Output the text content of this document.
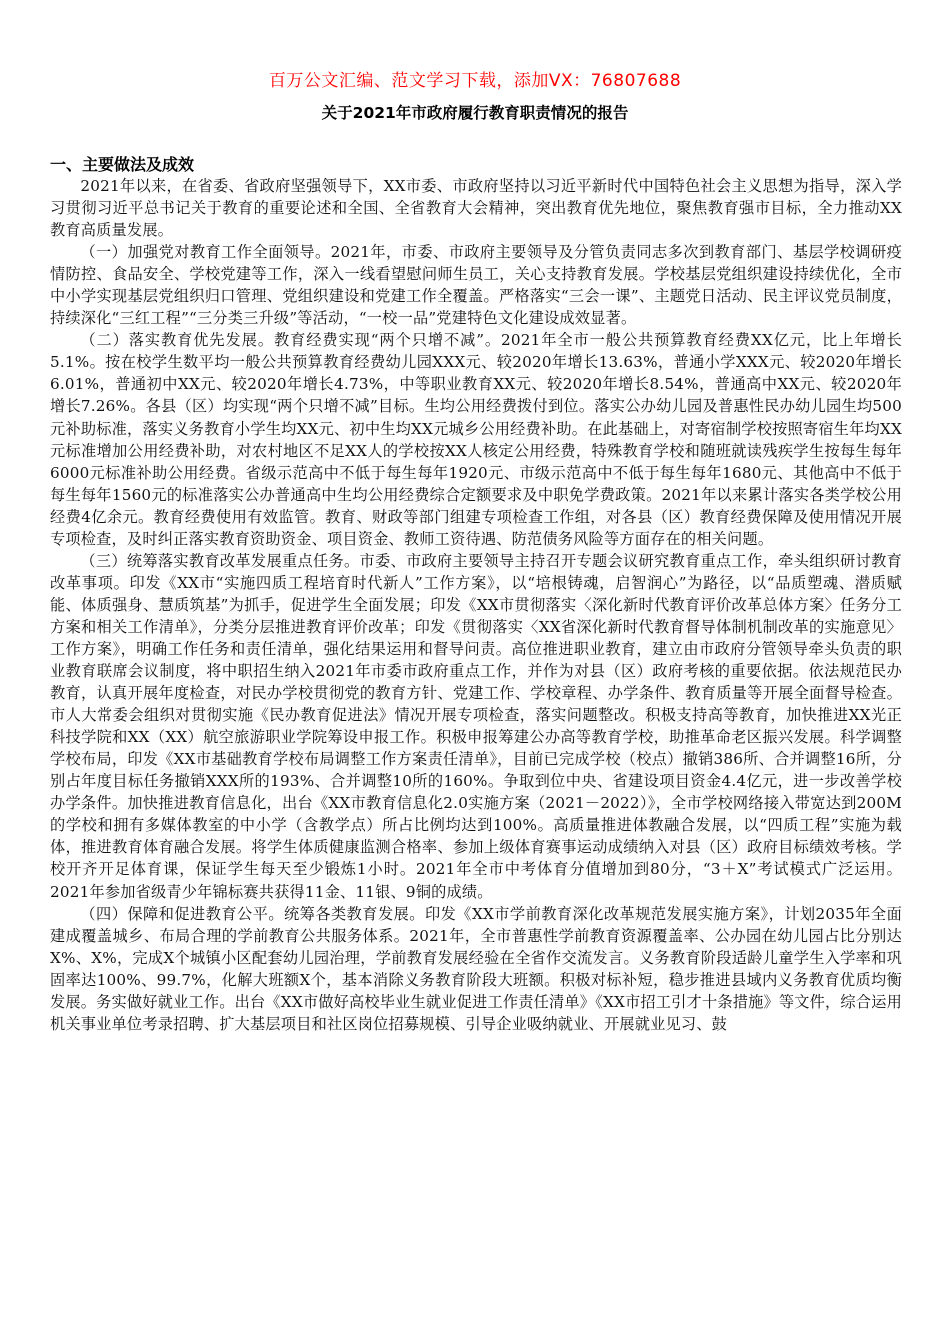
百万公文汇编、范文学习下载，添加VX：76807688
关于2021年市政府履行教育职责情况的报告
一、主要做法及成效

2021年以来，在省委、省政府坚强领导下，XX市委、市政府坚持以习近平新时代中国特色社会主义思想为指导，深入学习贯彻习近平总书记关于教育的重要论述和全国、全省教育大会精神，突出教育优先地位，聚焦教育强市目标，全力推动XX教育高质量发展。

（一）加强党对教育工作全面领导。2021年，市委、市政府主要领导及分管负责同志多次到教育部门、基层学校调研疫情防控、食品安全、学校党建等工作，深入一线看望慰问师生员工，关心支持教育发展。学校基层党组织建设持续优化，全市中小学实现基层党组织归口管理、党组织建设和党建工作全覆盖。严格落实“三会一课”、主题党日活动、民主评议党员制度，持续深化“三红工程”“三分类三升级”等活动，“一校一品”党建特色文化建设成效显著。

（二）落实教育优先发展。教育经费实现“两个只增不减”。2021年全市一般公共预算教育经费XX亿元，比上年增长5.1%。按在校学生数平均一般公共预算教育经费幼儿园XXX元、较2020年增长13.63%，普通小学XXX元、较2020年增长6.01%，普通初中XX元、较2020年增长4.73%，中等职业教育XX元、较2020年增长8.54%，普通高中XX元、较2020年增长7.26%。各县（区）均实现“两个只增不减”目标。生均公用经费拨付到位。落实公办幼儿园及普惠性民办幼儿园生均500元补助标准，落实义务教育小学生均XX元、初中生均XX元城乡公用经费补助。在此基础上，对寄宿制学校按照寄宿生年均XX元标准增加公用经费补助，对农村地区不足XX人的学校按XX人核定公用经费，特殊教育学校和随班就读残疾学生按每生每年6000元标准补助公用经费。省级示范高中不低于每生每年1920元、市级示范高中不低于每生每年1680元、其他高中不低于每生每年1560元的标准落实公办普通高中生均公用经费综合定额要求及中职免学费政策。2021年以来累计落实各类学校公用经费4亿余元。教育经费使用有效监管。教育、财政等部门组建专项检查工作组，对各县（区）教育经费保障及使用情况开展专项检查，及时纠正落实教育资助资金、项目资金、教师工资待遇、防范债务风险等方面存在的相关问题。

（三）统筹落实教育改革发展重点任务。市委、市政府主要领导主持召开专题会议研究教育重点工作，牵头组织研讨教育改革事项。印发《XX市“实施四质工程培育时代新人”工作方案》，以“培根铸魂，启智润心”为路径，以“品质塑魂、潜质赋能、体质强身、慧质筑基”为抓手，促进学生全面发展；印发《XX市贯彻落实〈深化新时代教育评价改革总体方案〉任务分工方案和相关工作清单》，分类分层推进教育评价改革；印发《贯彻落实〈XX省深化新时代教育督导体制机制改革的实施意见〉工作方案》，明确工作任务和责任清单，强化结果运用和督导问责。高位推进职业教育，建立由市政府分管领导牵头负责的职业教育联席会议制度，将中职招生纳入2021年市委市政府重点工作，并作为对县（区）政府考核的重要依据。依法规范民办教育，认真开展年度检查，对民办学校贯彻党的教育方针、党建工作、学校章程、办学条件、教育质量等开展全面督导检查。市人大常委会组织对贯彻实施《民办教育促进法》情况开展专项检查，落实问题整改。积极支持高等教育，加快推进XX光正科技学院和XX（XX）航空旅游职业学院筹设申报工作。积极申报筹建公办高等教育学校，助推革命老区振兴发展。科学调整学校布局，印发《XX市基础教育学校布局调整工作方案责任清单》，目前已完成学校（校点）撤销386所、合并调整16所，分别占年度目标任务撤销XXX所的193%、合并调整10所的160%。争取到位中央、省建设项目资金4.4亿元，进一步改善学校办学条件。加快推进教育信息化，出台《XX市教育信息化2.0实施方案（2021－2022）》，全市学校网络接入带宽达到200M的学校和拥有多媒体教室的中小学（含教学点）所占比例均达到100%。高质量推进体教融合发展，以“四质工程”实施为载体，推进教育体育融合发展。将学生体质健康监测合格率、参加上级体育赛事运动成绩纳入对县（区）政府目标绩效考核。学校开齐开足体育课，保证学生每天至少锻炼1小时。2021年全市中考体育分值增加到80分，“3＋X”考试模式广泛运用。2021年参加省级青少年锦标赛共获得11金、11银、9铜的成绩。

（四）保障和促进教育公平。统筹各类教育发展。印发《XX市学前教育深化改革规范发展实施方案》，计划2035年全面建成覆盖城乡、布局合理的学前教育公共服务体系。2021年，全市普惠性学前教育资源覆盖率、公办园在幼儿园占比分别达X%、X%，完成X个城镇小区配套幼儿园治理，学前教育发展经验在全省作交流发言。义务教育阶段适龄儿童学生入学率和巩固率达100%、99.7%，化解大班额X个，基本消除义务教育阶段大班额。积极对标补短，稳步推进县域内义务教育优质均衡发展。务实做好就业工作。出台《XX市做好高校毕业生就业促进工作责任清单》《XX市招工引才十条措施》等文件，综合运用机关事业单位考录招聘、扩大基层项目和社区岗位招募规模、引导企业吸纳就业、开展就业见习、鼓
